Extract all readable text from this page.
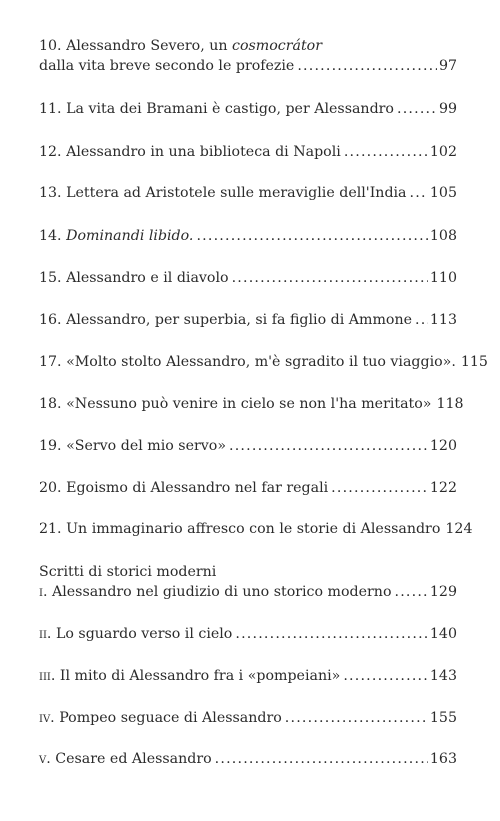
10. Alessandro Severo, un cosmocrátor
dalla vita breve secondo le profezie .....	97
11. La vita dei Bramani è castigo, per Alessandro .....	99
12. Alessandro in una biblioteca di Napoli .....	102
13. Lettera ad Aristotele sulle meraviglie dell'India ..... 105
14. Dominandi libido. .....	108
15. Alessandro e il diavolo .....	110
16. Alessandro, per superbia, si fa figlio di Ammone ..... 113
17. «Molto stolto Alessandro, m'è sgradito il tuo viaggio». 115
18. «Nessuno può venire in cielo se non l'ha meritato» 118
19. «Servo del mio servo» .....	120
20. Egoismo di Alessandro nel far regali .....	122
21. Un immaginario affresco con le storie di Alessandro 124
Scritti di storici moderni
i. Alessandro nel giudizio di uno storico moderno .....	129
ii. Lo sguardo verso il cielo .....	140
iii. Il mito di Alessandro fra i «pompeiani» .....	143
iv. Pompeo seguace di Alessandro .....	155
v. Cesare ed Alessandro .....	163
